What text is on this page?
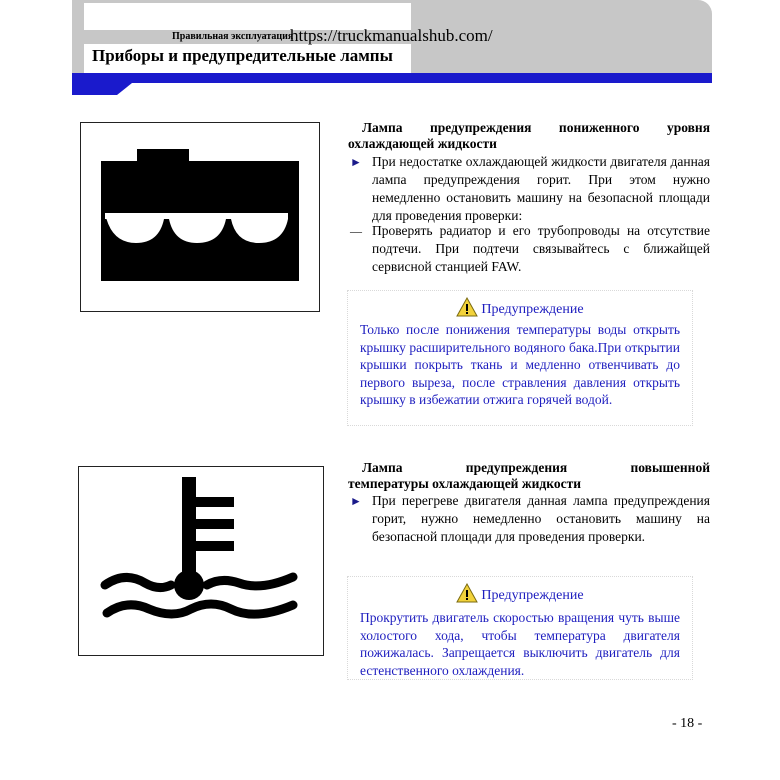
Правильная эксплуатация
https://truckmanualshub.com/
Приборы и предупредительные лампы
Лампа предупреждения пониженного уровня
охлаждающей жидкости
► При недостатке охлаждающей жидкости двигателя данная лампа предупреждения горит. При этом нужно немедленно остановить машину на безопасной площади для проведения проверки:
— Проверять радиатор и его трубопроводы на отсутствие подтечи. При подтечи связывайтесь с ближайщей сервисной станцией FAW.
Предупреждение
Только после понижения температуры воды открыть крышку расширительного водяного бака.При открытии крышки покрыть ткань и медленно отвенчивать до первого выреза, после стравления давления открыть крышку в избежатии отжига горячей водой.
Лампа предупреждения повышенной
температуры охлаждающей жидкости
► При перегреве двигателя данная лампа предупреждения горит, нужно немедленно остановить машину на безопасной площади для проведения проверки.
Предупреждение
Прокрутить двигатель скоростью вращения чуть выше холостого хода, чтобы температура двигателя пожижалась. Запрещается выключить двигатель для естенственного охлаждения.
- 18 -
